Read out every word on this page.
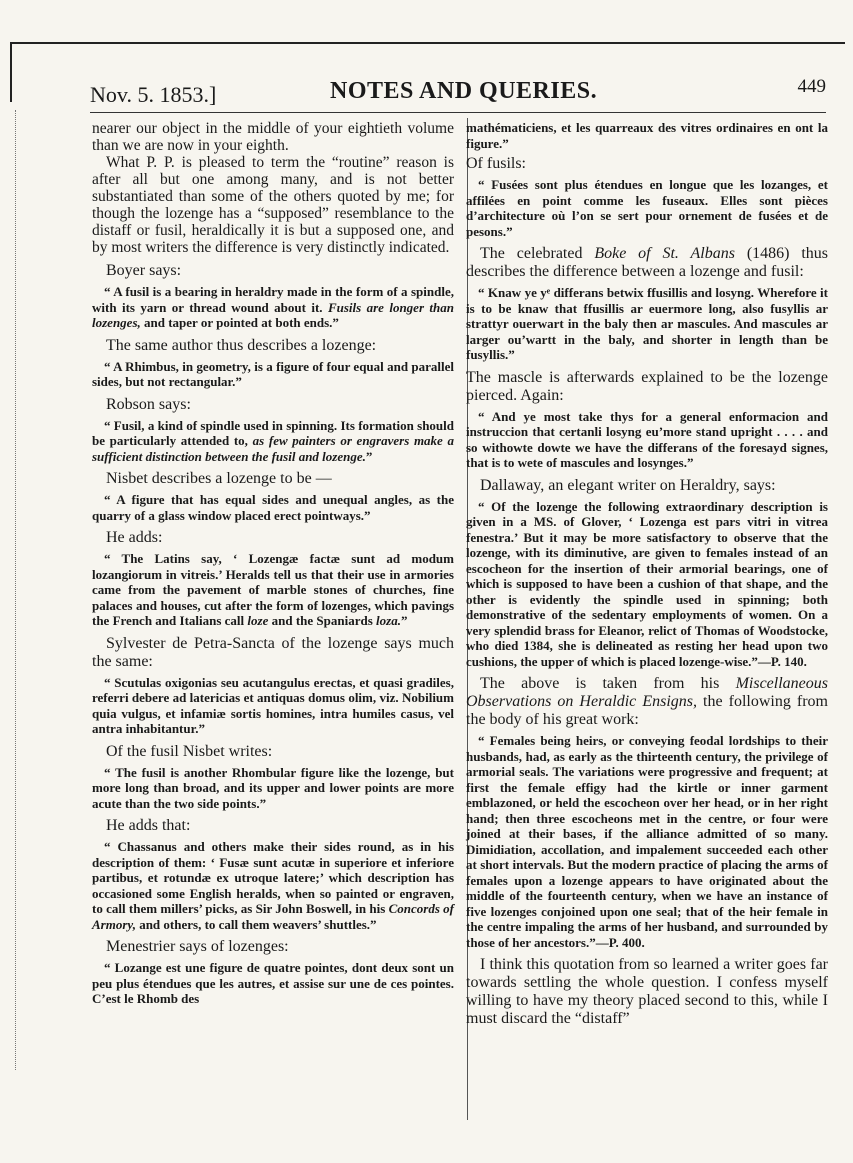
Nov. 5. 1853.]	NOTES AND QUERIES.	449

nearer our object in the middle of your eightieth volume than we are now in your eighth.

What P. P. is pleased to term the “routine” reason is after all but one among many, and is not better substantiated than some of the others quoted by me; for though the lozenge has a “supposed” resemblance to the distaff or fusil, heraldically it is but a supposed one, and by most writers the difference is very distinctly indicated.

Boyer says:

“ A fusil is a bearing in heraldry made in the form of a spindle, with its yarn or thread wound about it. Fusils are longer than lozenges, and taper or pointed at both ends.”

The same author thus describes a lozenge:

“ A Rhimbus, in geometry, is a figure of four equal and parallel sides, but not rectangular.”

Robson says:

“ Fusil, a kind of spindle used in spinning. Its formation should be particularly attended to, as few painters or engravers make a sufficient distinction between the fusil and lozenge.”

Nisbet describes a lozenge to be —

“ A figure that has equal sides and unequal angles, as the quarry of a glass window placed erect pointways.”

He adds:

“ The Latins say, ‘ Lozengæ factæ sunt ad modum lozangiorum in vitreis.’ Heralds tell us that their use in armories came from the pavement of marble stones of churches, fine palaces and houses, cut after the form of lozenges, which pavings the French and Italians call loze and the Spaniards loza.”

Sylvester de Petra-Sancta of the lozenge says much the same:

“ Scutulas oxigonias seu acutangulus erectas, et quasi gradiles, referri debere ad latericias et antiquas domus olim, viz. Nobilium quia vulgus, et infamiæ sortis homines, intra humiles casus, vel antra inhabitantur.”

Of the fusil Nisbet writes:

“ The fusil is another Rhombular figure like the lozenge, but more long than broad, and its upper and lower points are more acute than the two side points.”

He adds that:

“ Chassanus and others make their sides round, as in his description of them: ‘ Fusæ sunt acutæ in superiore et inferiore partibus, et rotundæ ex utroque latere;’ which description has occasioned some English heralds, when so painted or engraven, to call them millers’ picks, as Sir John Boswell, in his Concords of Armory, and others, to call them weavers’ shuttles.”

Menestrier says of lozenges:

“ Lozange est une figure de quatre pointes, dont deux sont un peu plus étendues que les autres, et assise sur une de ces pointes. C’est le Rhomb des

mathématiciens, et les quarreaux des vitres ordinaires en ont la figure.”

Of fusils:

“ Fusées sont plus étendues en longue que les lozanges, et affilées en point comme les fuseaux. Elles sont pièces d’architecture où l’on se sert pour ornement de fusées et de pesons.”

The celebrated Boke of St. Albans (1486) thus describes the difference between a lozenge and fusil:

“ Knaw ye yᵉ differans betwix ffusillis and losyng. Wherefore it is to be knaw that ffusillis ar euermore long, also fusyllis ar strattyr ouerwart in the baly then ar mascules. And mascules ar larger ou’wartt in the baly, and shorter in length than be fusyllis.”

The mascle is afterwards explained to be the lozenge pierced. Again:

“ And ye most take thys for a general enformacion and instruccion that certanli losyng eu’more stand upright . . . . and so withowte dowte we have the differans of the foresayd signes, that is to wete of mascules and losynges.”

Dallaway, an elegant writer on Heraldry, says:

“ Of the lozenge the following extraordinary description is given in a MS. of Glover, ‘ Lozenga est pars vitri in vitrea fenestra.’ But it may be more satisfactory to observe that the lozenge, with its diminutive, are given to females instead of an escocheon for the insertion of their armorial bearings, one of which is supposed to have been a cushion of that shape, and the other is evidently the spindle used in spinning; both demonstrative of the sedentary employments of women. On a very splendid brass for Eleanor, relict of Thomas of Woodstocke, who died 1384, she is delineated as resting her head upon two cushions, the upper of which is placed lozenge-wise.”—P. 140.

The above is taken from his Miscellaneous Observations on Heraldic Ensigns, the following from the body of his great work:

“ Females being heirs, or conveying feodal lordships to their husbands, had, as early as the thirteenth century, the privilege of armorial seals. The variations were progressive and frequent; at first the female effigy had the kirtle or inner garment emblazoned, or held the escocheon over her head, or in her right hand; then three escocheons met in the centre, or four were joined at their bases, if the alliance admitted of so many. Dimidiation, accollation, and impalement succeeded each other at short intervals. But the modern practice of placing the arms of females upon a lozenge appears to have originated about the middle of the fourteenth century, when we have an instance of five lozenges conjoined upon one seal; that of the heir female in the centre impaling the arms of her husband, and surrounded by those of her ancestors.”—P. 400.

I think this quotation from so learned a writer goes far towards settling the whole question. I confess myself willing to have my theory placed second to this, while I must discard the “distaff”
